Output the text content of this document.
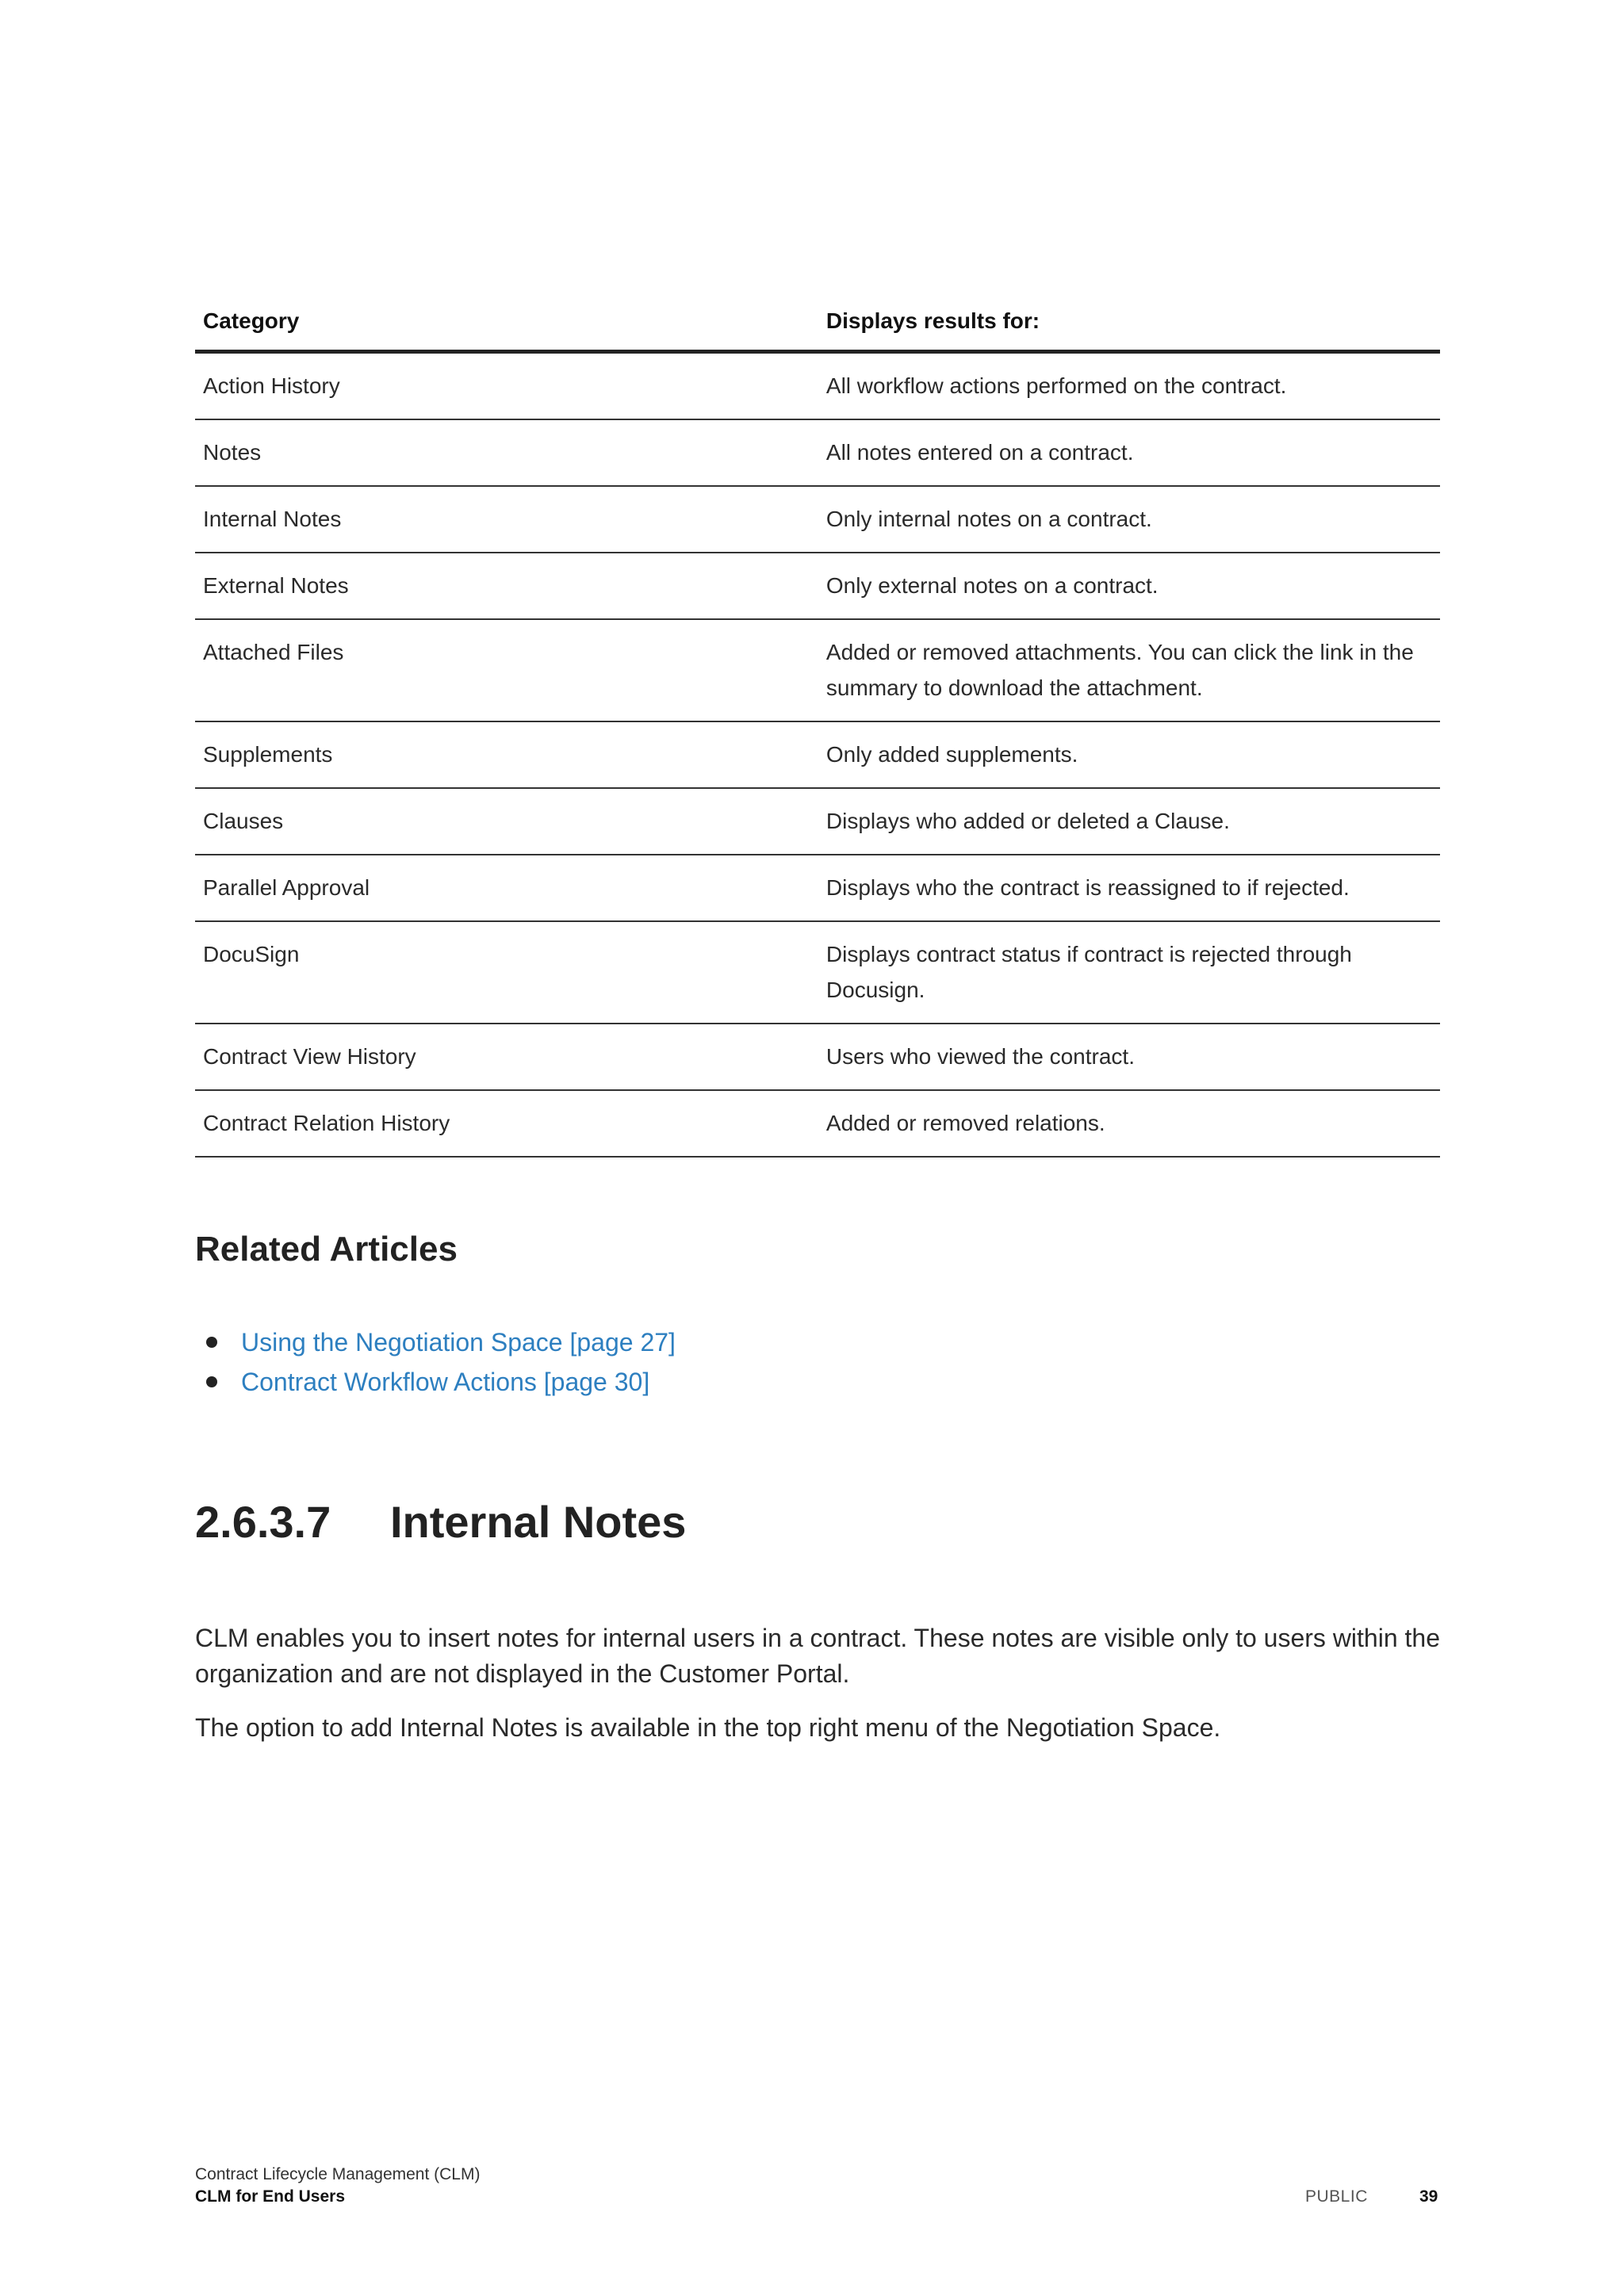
Category	Displays results for:
Action History	All workflow actions performed on the contract.
Notes	All notes entered on a contract.
Internal Notes	Only internal notes on a contract.
External Notes	Only external notes on a contract.
Attached Files	Added or removed attachments. You can click the link in the summary to download the attachment.
Supplements	Only added supplements.
Clauses	Displays who added or deleted a Clause.
Parallel Approval	Displays who the contract is reassigned to if rejected.
DocuSign	Displays contract status if contract is rejected through Docusign.
Contract View History	Users who viewed the contract.
Contract Relation History	Added or removed relations.
Related Articles
Using the Negotiation Space [page 27]
Contract Workflow Actions [page 30]
2.6.3.7 Internal Notes

CLM enables you to insert notes for internal users in a contract. These notes are visible only to users within the organization and are not displayed in the Customer Portal.

The option to add Internal Notes is available in the top right menu of the Negotiation Space.

Contract Lifecycle Management (CLM)
CLM for End Users	PUBLIC	39
